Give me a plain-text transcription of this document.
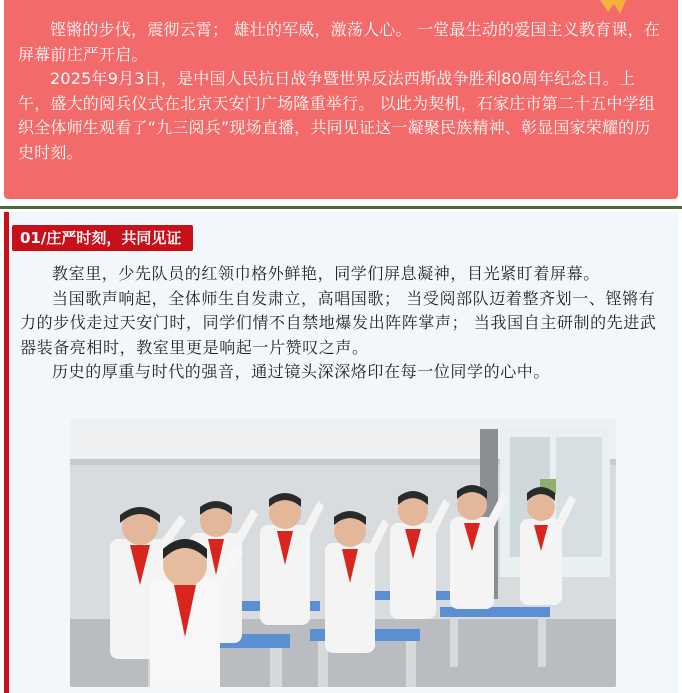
铿锵的步伐，震彻云霄； 雄壮的军威，激荡人心。 一堂最生动的爱国主义教育课，在屏幕前庄严开启。

2025年9月3日，是中国人民抗日战争暨世界反法西斯战争胜利80周年纪念日。上午，盛大的阅兵仪式在北京天安门广场隆重举行。 以此为契机，石家庄市第二十五中学组织全体师生观看了“九三阅兵”现场直播，共同见证这一凝聚民族精神、彰显国家荣耀的历史时刻。

01/庄严时刻，共同见证

教室里，少先队员的红领巾格外鲜艳，同学们屏息凝神，目光紧盯着屏幕。

当国歌声响起，全体师生自发肃立，高唱国歌； 当受阅部队迈着整齐划一、铿锵有力的步伐走过天安门时，同学们情不自禁地爆发出阵阵掌声； 当我国自主研制的先进武器装备亮相时，教室里更是响起一片赞叹之声。

历史的厚重与时代的强音，通过镜头深深烙印在每一位同学的心中。
